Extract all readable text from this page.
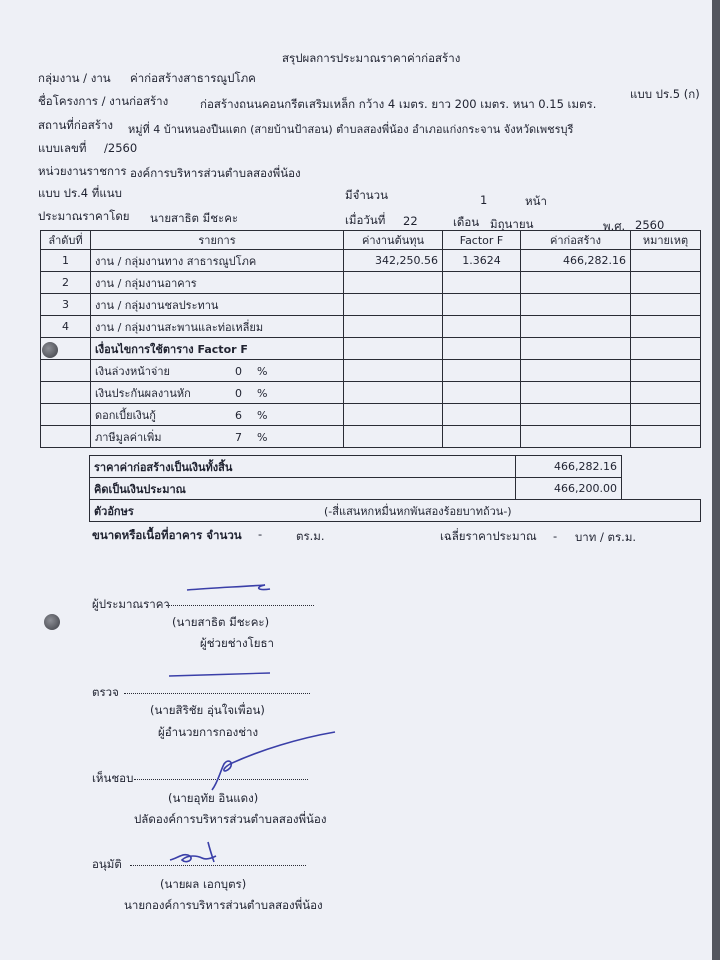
สรุปผลการประมาณราคาค่าก่อสร้าง
แบบ ปร.5 (ก)
กลุ่มงาน / งาน ค่าก่อสร้างสาธารณูปโภค
ชื่อโครงการ / งานก่อสร้าง	ก่อสร้างถนนคอนกรีตเสริมเหล็ก กว้าง 4 เมตร. ยาว 200 เมตร. หนา 0.15 เมตร.
สถานที่ก่อสร้าง หมู่ที่ 4 บ้านหนองปืนแตก (สายบ้านป้าสอน) ตำบลสองพี่น้อง อำเภอแก่งกระจาน จังหวัดเพชรบุรี
แบบเลขที่ /2560
หน่วยงานราชการ องค์การบริหารส่วนตำบลสองพี่น้อง
แบบ ปร.4 ที่แนบ	มีจำนวน	1	หน้า
ประมาณราคาโดย นายสาธิต มีชะคะ	เมื่อวันที่ 22	เดือน มิถุนายน	พ.ศ. 2560
ลำดับที่	รายการ	ค่างานต้นทุน	Factor F	ค่าก่อสร้าง	หมายเหตุ
1	งาน / กลุ่มงานทาง สาธารณูปโภค	342,250.56	1.3624	466,282.16	
2	งาน / กลุ่มงานอาคาร				
3	งาน / กลุ่มงานชลประทาน				
4	งาน / กลุ่มงานสะพานและท่อเหลี่ยม				
	เงื่อนไขการใช้ตาราง Factor F				
	เงินล่วงหน้าจ่าย 0 %				
	เงินประกันผลงานหัก 0 %				
	ดอกเบี้ยเงินกู้ 6 %				
	ภาษีมูลค่าเพิ่ม 7 %				
ราคาค่าก่อสร้างเป็นเงินทั้งสิ้น	466,282.16	
คิดเป็นเงินประมาณ	466,200.00	
ตัวอักษร (-สี่แสนหกหมื่นหกพันสองร้อยบาทถ้วน-)		
ขนาดหรือเนื้อที่อาคาร จำนวน -	ตร.ม.	เฉลี่ยราคาประมาณ - บาท / ตร.ม.
ผู้ประมาณราคา
(นายสาธิต มีชะคะ)
ผู้ช่วยช่างโยธา
ตรวจ
(นายสิริชัย อุ่นใจเพื่อน)
ผู้อำนวยการกองช่าง
เห็นชอบ
(นายอุทัย อินแดง)
ปลัดองค์การบริหารส่วนตำบลสองพี่น้อง
อนุมัติ
(นายผล เอกบุตร)
นายกองค์การบริหารส่วนตำบลสองพี่น้อง
